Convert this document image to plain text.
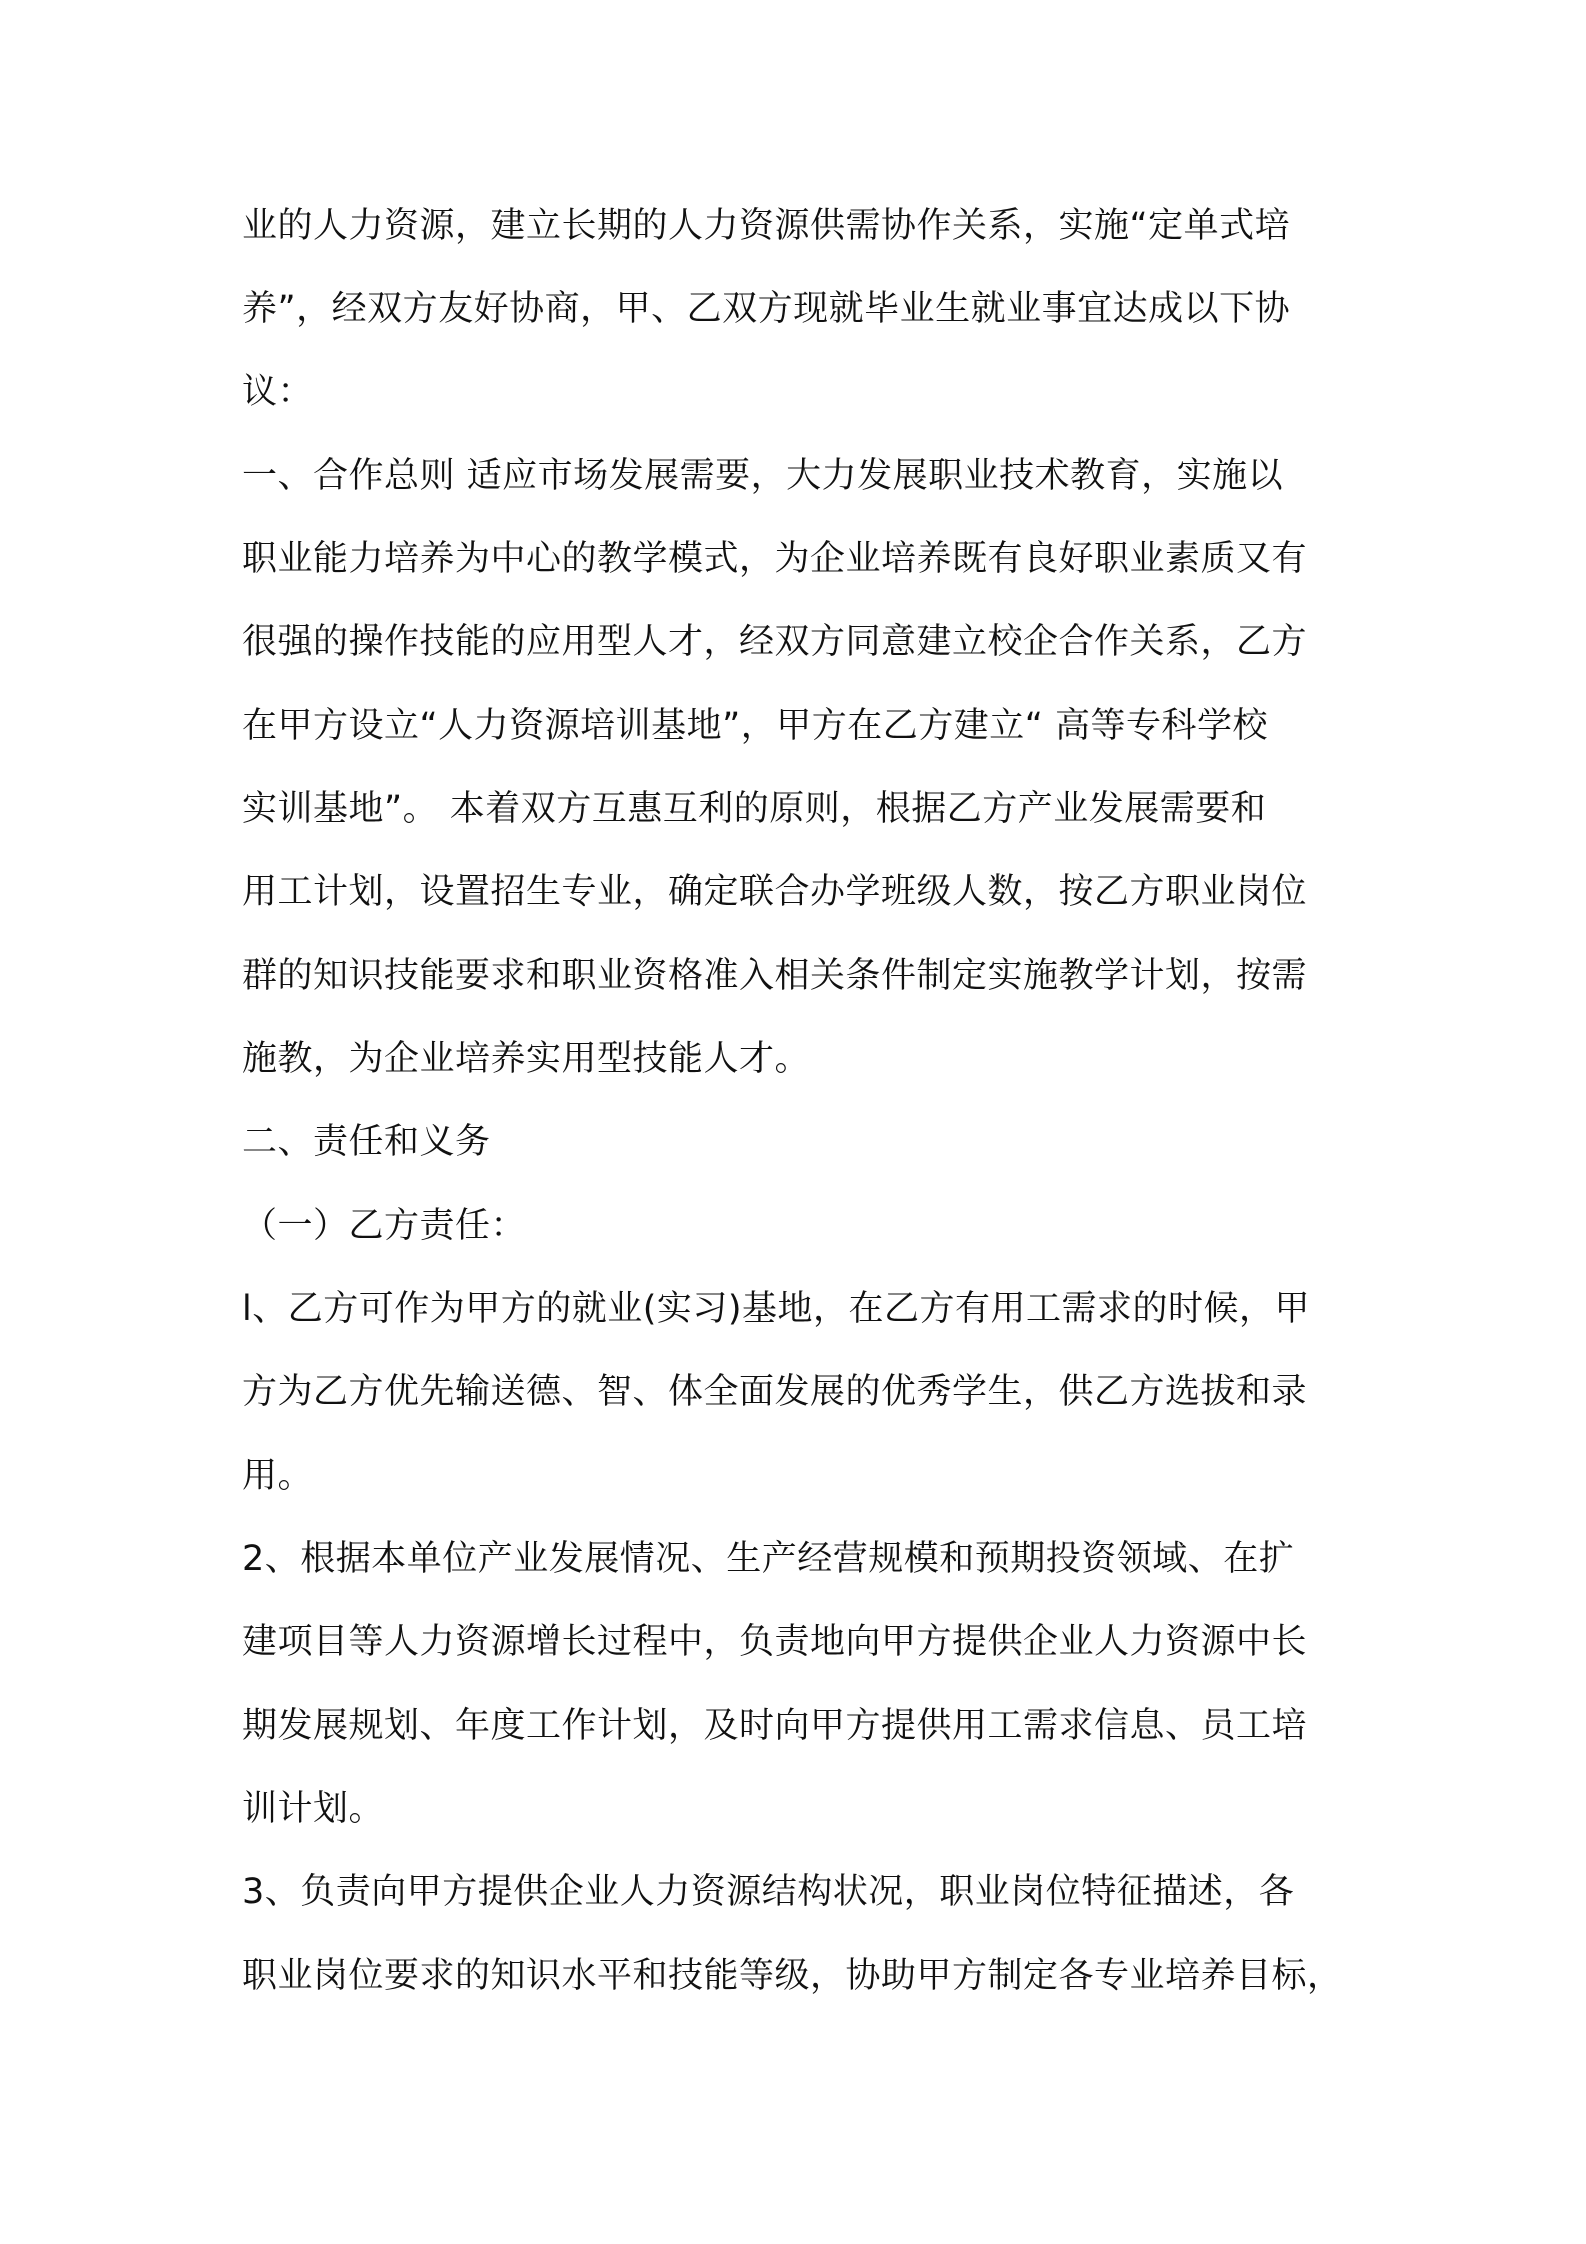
业的人力资源，建立长期的人力资源供需协作关系，实施“定单式培
养”，经双方友好协商，甲、乙双方现就毕业生就业事宜达成以下协
议：
一、合作总则 适应市场发展需要，大力发展职业技术教育，实施以
职业能力培养为中心的教学模式，为企业培养既有良好职业素质又有
很强的操作技能的应用型人才，经双方同意建立校企合作关系，乙方
在甲方设立“人力资源培训基地”，甲方在乙方建立“ 高等专科学校
实训基地”。 本着双方互惠互利的原则，根据乙方产业发展需要和
用工计划，设置招生专业，确定联合办学班级人数，按乙方职业岗位
群的知识技能要求和职业资格准入相关条件制定实施教学计划，按需
施教，为企业培养实用型技能人才。
二、责任和义务
（一）乙方责任：
l、乙方可作为甲方的就业(实习)基地，在乙方有用工需求的时候，甲
方为乙方优先输送德、智、体全面发展的优秀学生，供乙方选拔和录
用。
2、根据本单位产业发展情况、生产经营规模和预期投资领域、在扩
建项目等人力资源增长过程中，负责地向甲方提供企业人力资源中长
期发展规划、年度工作计划，及时向甲方提供用工需求信息、员工培
训计划。
3、负责向甲方提供企业人力资源结构状况，职业岗位特征描述，各
职业岗位要求的知识水平和技能等级，协助甲方制定各专业培养目标，
